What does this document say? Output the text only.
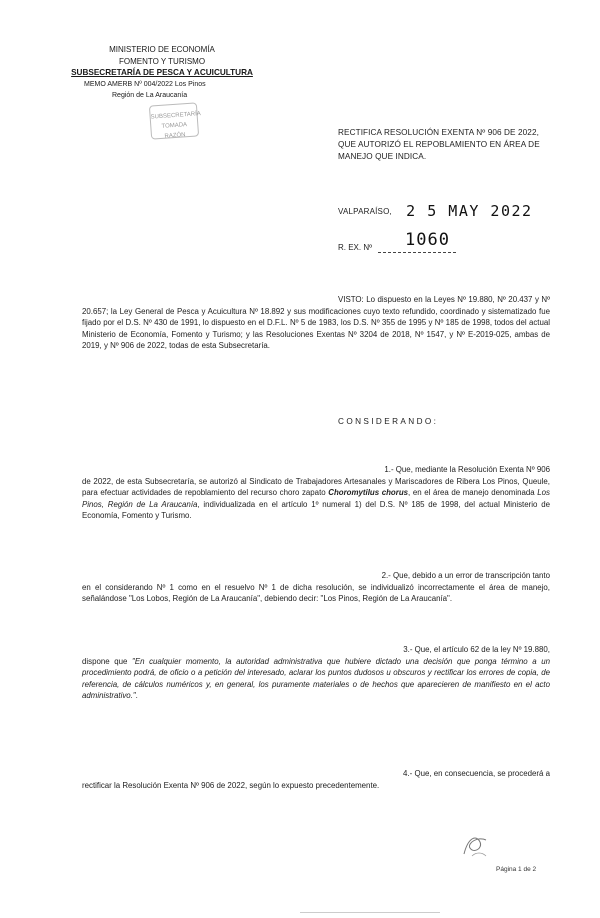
MINISTERIO DE ECONOMÍA
FOMENTO Y TURISMO
SUBSECRETARÍA DE PESCA Y ACUICULTURA
MEMO AMERB Nº 004/2022 Los Pinos
Región de La Araucanía
SUBSECRETARÍA
TOMADA RAZÓN	RECTIFICA RESOLUCIÓN EXENTA Nº 906 DE 2022, QUE AUTORIZÓ EL REPOBLAMIENTO EN ÁREA DE MANEJO QUE INDICA.
VALPARAÍSO, 2 5 MAY 2022
R. EX. Nº	1060
VISTO: Lo dispuesto en la Leyes Nº 19.880, Nº 20.437 y Nº 20.657; la Ley General de Pesca y Acuicultura Nº 18.892 y sus modificaciones cuyo texto refundido, coordinado y sistematizado fue fijado por el D.S. Nº 430 de 1991, lo dispuesto en el D.F.L. Nº 5 de 1983, los D.S. Nº 355 de 1995 y Nº 185 de 1998, todos del actual Ministerio de Economía, Fomento y Turismo; y las Resoluciones Exentas Nº 3204 de 2018, Nº 1547, y Nº E-2019-025, ambas de 2019, y Nº 906 de 2022, todas de esta Subsecretaría.
CONSIDERANDO:
1.- Que, mediante la Resolución Exenta Nº 906
de 2022, de esta Subsecretaría, se autorizó al Sindicato de Trabajadores Artesanales y Mariscadores de Ribera Los Pinos, Queule, para efectuar actividades de repoblamiento del recurso choro zapato Choromytilus chorus, en el área de manejo denominada Los Pinos, Región de La Araucanía, individualizada en el artículo 1º numeral 1) del D.S. Nº 185 de 1998, del actual Ministerio de Economía, Fomento y Turismo.
2.- Que, debido a un error de transcripción tanto
en el considerando Nº 1 como en el resuelvo Nº 1 de dicha resolución, se individualizó incorrectamente el área de manejo, señalándose "Los Lobos, Región de La Araucanía", debiendo decir: "Los Pinos, Región de La Araucanía".
3.- Que, el artículo 62 de la ley Nº 19.880,
dispone que "En cualquier momento, la autoridad administrativa que hubiere dictado una decisión que ponga término a un procedimiento podrá, de oficio o a petición del interesado, aclarar los puntos dudosos u obscuros y rectificar los errores de copia, de referencia, de cálculos numéricos y, en general, los puramente materiales o de hechos que aparecieren de manifiesto en el acto administrativo.".
4.- Que, en consecuencia, se procederá a
rectificar la Resolución Exenta Nº 906 de 2022, según lo expuesto precedentemente.
Página 1 de 2
